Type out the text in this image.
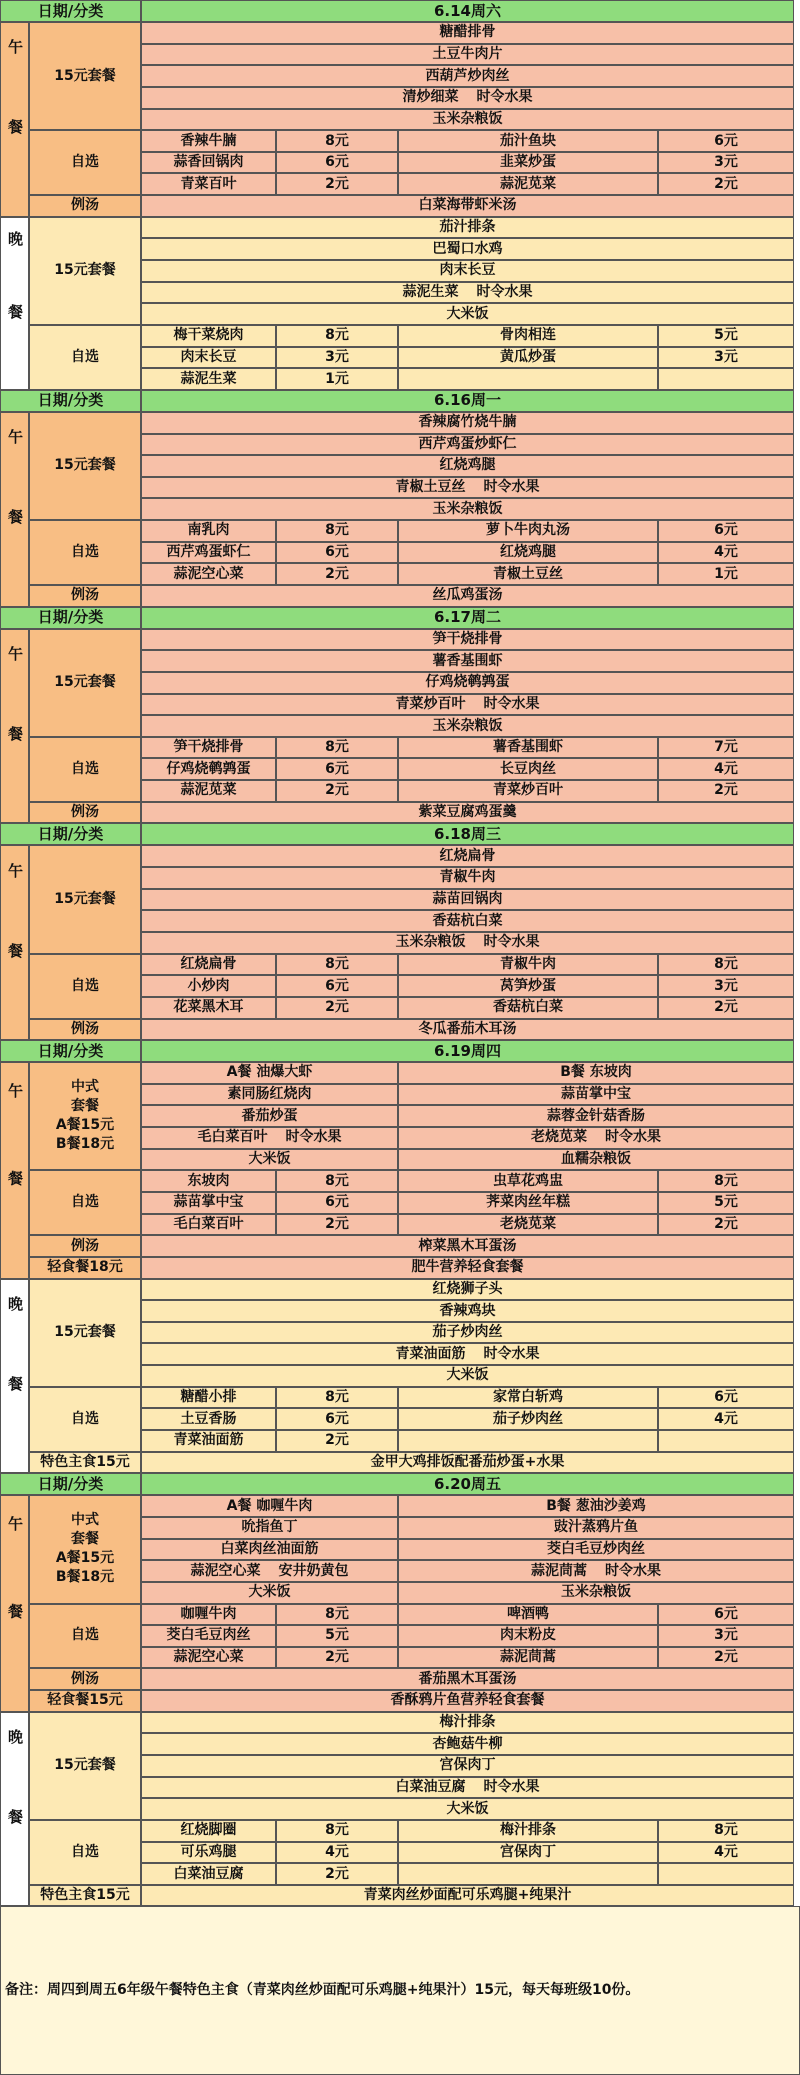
日期/分类	6.14周六
午餐 15元套餐
糖醋排骨
土豆牛肉片
西葫芦炒肉丝
清炒细菜 时令水果
玉米杂粮饭
自选
香辣牛腩	8元	茄汁鱼块	6元
蒜香回锅肉	6元	韭菜炒蛋	3元
青菜百叶	2元	蒜泥苋菜	2元
例汤	白菜海带虾米汤
晚餐 15元套餐
茄汁排条
巴蜀口水鸡
肉末长豆
蒜泥生菜 时令水果
大米饭
自选
梅干菜烧肉	8元	骨肉相连	5元
肉末长豆	3元	黄瓜炒蛋	3元
蒜泥生菜	1元
日期/分类	6.16周一
午餐 15元套餐
香辣腐竹烧牛腩
西芹鸡蛋炒虾仁
红烧鸡腿
青椒土豆丝 时令水果
玉米杂粮饭
自选
南乳肉	8元	萝卜牛肉丸汤	6元
西芹鸡蛋虾仁	6元	红烧鸡腿	4元
蒜泥空心菜	2元	青椒土豆丝	1元
例汤	丝瓜鸡蛋汤
日期/分类	6.17周二
午餐 15元套餐
笋干烧排骨
薯香基围虾
仔鸡烧鹌鹑蛋
青菜炒百叶 时令水果
玉米杂粮饭
自选
笋干烧排骨	8元	薯香基围虾	7元
仔鸡烧鹌鹑蛋	6元	长豆肉丝	4元
蒜泥苋菜	2元	青菜炒百叶	2元
例汤	紫菜豆腐鸡蛋羹
日期/分类	6.18周三
午餐 15元套餐
红烧扁骨
青椒牛肉
蒜苗回锅肉
香菇杭白菜
玉米杂粮饭 时令水果
自选
红烧扁骨	8元	青椒牛肉	8元
小炒肉	6元	莴笋炒蛋	3元
花菜黑木耳	2元	香菇杭白菜	2元
例汤	冬瓜番茄木耳汤
日期/分类	6.19周四
午餐	中式
套餐
A餐15元
B餐18元
A餐 油爆大虾	B餐 东坡肉
素同肠红烧肉	蒜苗掌中宝
番茄炒蛋	蒜蓉金针菇香肠
毛白菜百叶 时令水果	老烧苋菜 时令水果
大米饭	血糯杂粮饭
自选
东坡肉	8元	虫草花鸡盅	8元
蒜苗掌中宝	6元	荠菜肉丝年糕	5元
毛白菜百叶	2元	老烧苋菜	2元
例汤	榨菜黑木耳蛋汤
轻食餐18元	肥牛营养轻食套餐
晚餐 15元套餐
红烧狮子头
香辣鸡块
茄子炒肉丝
青菜油面筋 时令水果
大米饭
自选
糖醋小排	8元	家常白斩鸡	6元
土豆香肠	6元	茄子炒肉丝	4元
青菜油面筋	2元
特色主食15元	金甲大鸡排饭配番茄炒蛋+水果
日期/分类	6.20周五
午餐	中式
套餐
A餐15元
B餐18元
A餐 咖喱牛肉	B餐 葱油沙姜鸡
吮指鱼丁	豉汁蒸鸦片鱼
白菜肉丝油面筋	茭白毛豆炒肉丝
蒜泥空心菜 安井奶黄包	蒜泥茼蒿 时令水果
大米饭	玉米杂粮饭
自选
咖喱牛肉	8元	啤酒鸭	6元
茭白毛豆肉丝	5元	肉末粉皮	3元
蒜泥空心菜	2元	蒜泥茼蒿	2元
例汤	番茄黑木耳蛋汤
轻食餐15元	香酥鸦片鱼营养轻食套餐
晚餐 15元套餐
梅汁排条
杏鲍菇牛柳
宫保肉丁
白菜油豆腐 时令水果
大米饭
自选
红烧脚圈	8元	梅汁排条	8元
可乐鸡腿	4元	宫保肉丁	4元
白菜油豆腐	2元
特色主食15元	青菜肉丝炒面配可乐鸡腿+纯果汁
备注：周四到周五6年级午餐特色主食（青菜肉丝炒面配可乐鸡腿+纯果汁）15元，每天每班级10份。
